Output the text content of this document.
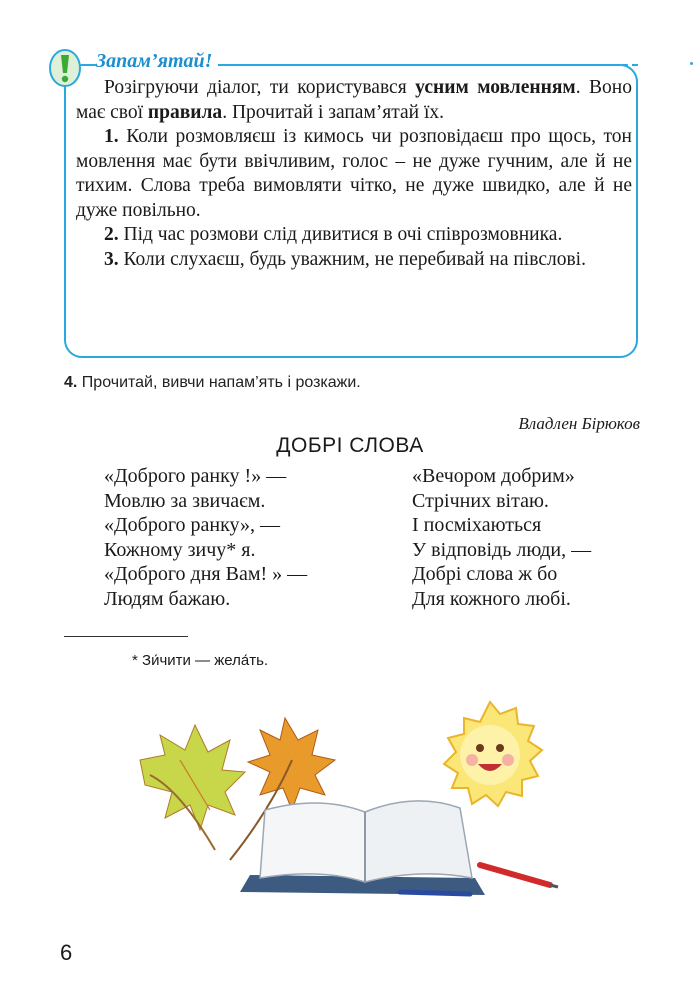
Запам’ятай!

Розігруючи діалог, ти користувався усним мовленням. Воно має свої правила. Прочитай і запам’ятай їх.

1. Коли розмовляєш із кимось чи розповідаєш про щось, тон мовлення має бути ввічливим, голос – не дуже гучним, але й не тихим. Слова треба вимовляти чітко, не дуже швидко, але й не дуже повільно.

2. Під час розмови слід дивитися в очі співрозмовника.

3. Коли слухаєш, будь уважним, не перебивай на півслові.

4. Прочитай, вивчи напам’ять і розкажи.
Владлен Бірюков
ДОБРІ СЛОВА
«Доброго ранку !» —
Мовлю за звичаєм.
«Доброго ранку», —
Кожному зичу* я.
«Доброго дня Вам! » —
Людям бажаю.
«Вечором добрим»
Стрічних вітаю.
І посміхаються
У відповідь люди, —
Добрі слова ж бо
Для кожного любі.
* Зи́чити — жела́ть.
6
